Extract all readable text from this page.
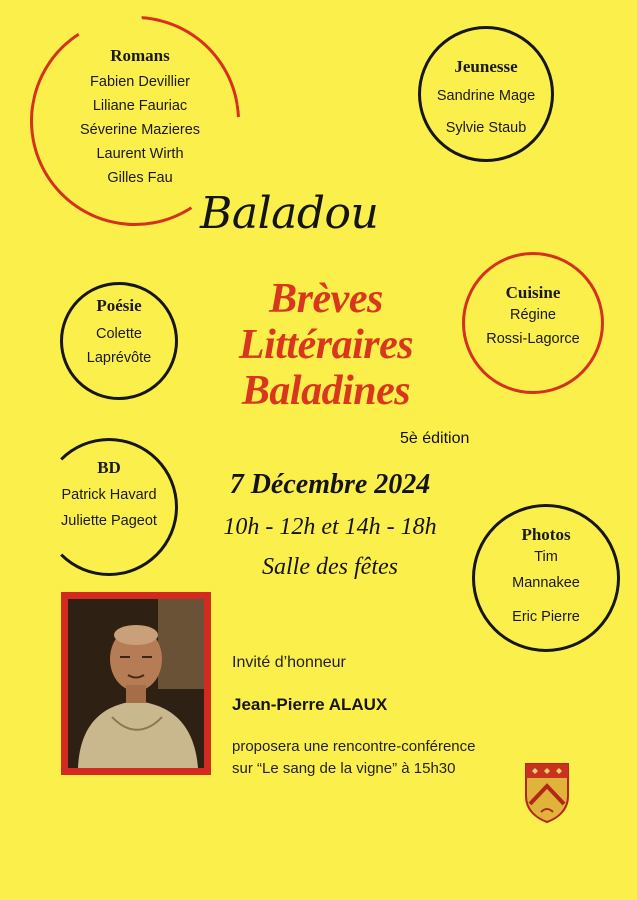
Romans
Fabien Devillier
Liliane Fauriac
Séverine Mazieres
Laurent Wirth
Gilles Fau
Jeunesse
Sandrine Mage
Sylvie Staub
Baladou
Brèves
Littéraires
Baladines
5è édition
Poésie
Colette
Laprévôte
Cuisine
Régine
Rossi-Lagorce
BD
Patrick Havard
Juliette Pageot
7 Décembre 2024
10h - 12h et 14h - 18h
Salle des fêtes
Photos
Tim
Mannakee
Eric Pierre
Invité d’honneur
Jean-Pierre ALAUX
proposera une rencontre-conférence
sur “Le sang de la vigne” à 15h30
